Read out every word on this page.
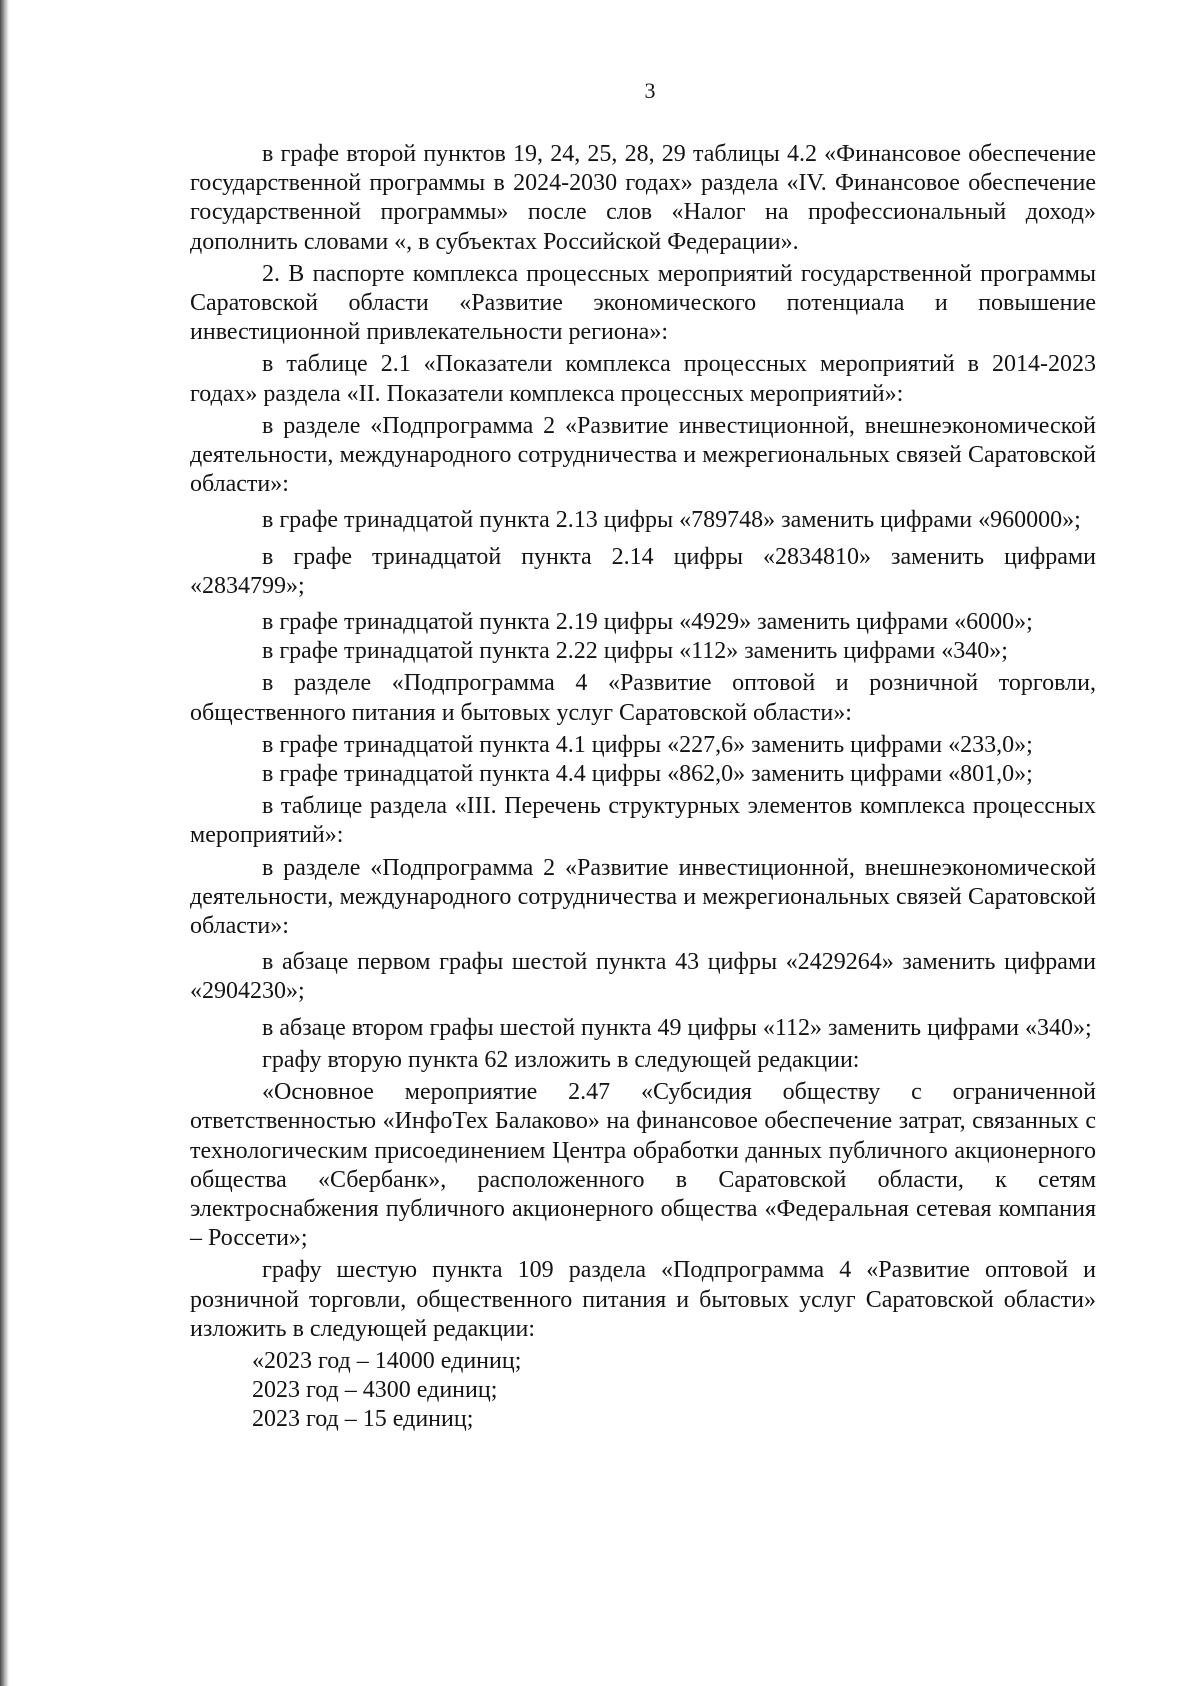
3

в графе второй пунктов 19, 24, 25, 28, 29 таблицы 4.2 «Финансовое обеспечение государственной программы в 2024-2030 годах» раздела «IV. Финансовое обеспечение государственной программы» после слов «Налог на профессиональный доход» дополнить словами «, в субъектах Российской Федерации».

2. В паспорте комплекса процессных мероприятий государственной программы Саратовской области «Развитие экономического потенциала и повышение инвестиционной привлекательности региона»:

в таблице 2.1 «Показатели комплекса процессных мероприятий в 2014-2023 годах» раздела «II. Показатели комплекса процессных мероприятий»:

в разделе «Подпрограмма 2 «Развитие инвестиционной, внешнеэкономической деятельности, международного сотрудничества и межрегиональных связей Саратовской области»:

в графе тринадцатой пункта 2.13 цифры «789748» заменить цифрами «960000»;

в графе тринадцатой пункта 2.14 цифры «2834810» заменить цифрами «2834799»;

в графе тринадцатой пункта 2.19 цифры «4929» заменить цифрами «6000»;

в графе тринадцатой пункта 2.22 цифры «112» заменить цифрами «340»;

в разделе «Подпрограмма 4 «Развитие оптовой и розничной торговли, общественного питания и бытовых услуг Саратовской области»:

в графе тринадцатой пункта 4.1 цифры «227,6» заменить цифрами «233,0»;

в графе тринадцатой пункта 4.4 цифры «862,0» заменить цифрами «801,0»;

в таблице раздела «III. Перечень структурных элементов комплекса процессных мероприятий»:

в разделе «Подпрограмма 2 «Развитие инвестиционной, внешнеэкономической деятельности, международного сотрудничества и межрегиональных связей Саратовской области»:

в абзаце первом графы шестой пункта 43 цифры «2429264» заменить цифрами «2904230»;

в абзаце втором графы шестой пункта 49 цифры «112» заменить цифрами «340»;

графу вторую пункта 62 изложить в следующей редакции:

«Основное мероприятие 2.47 «Субсидия обществу с ограниченной ответственностью «ИнфоТех Балаково» на финансовое обеспечение затрат, связанных с технологическим присоединением Центра обработки данных публичного акционерного общества «Сбербанк», расположенного в Саратовской области, к сетям электроснабжения публичного акционерного общества «Федеральная сетевая компания – Россети»;

графу шестую пункта 109 раздела «Подпрограмма 4 «Развитие оптовой и розничной торговли, общественного питания и бытовых услуг Саратовской области» изложить в следующей редакции:

«2023 год – 14000 единиц;

2023 год – 4300 единиц;

2023 год – 15 единиц;
